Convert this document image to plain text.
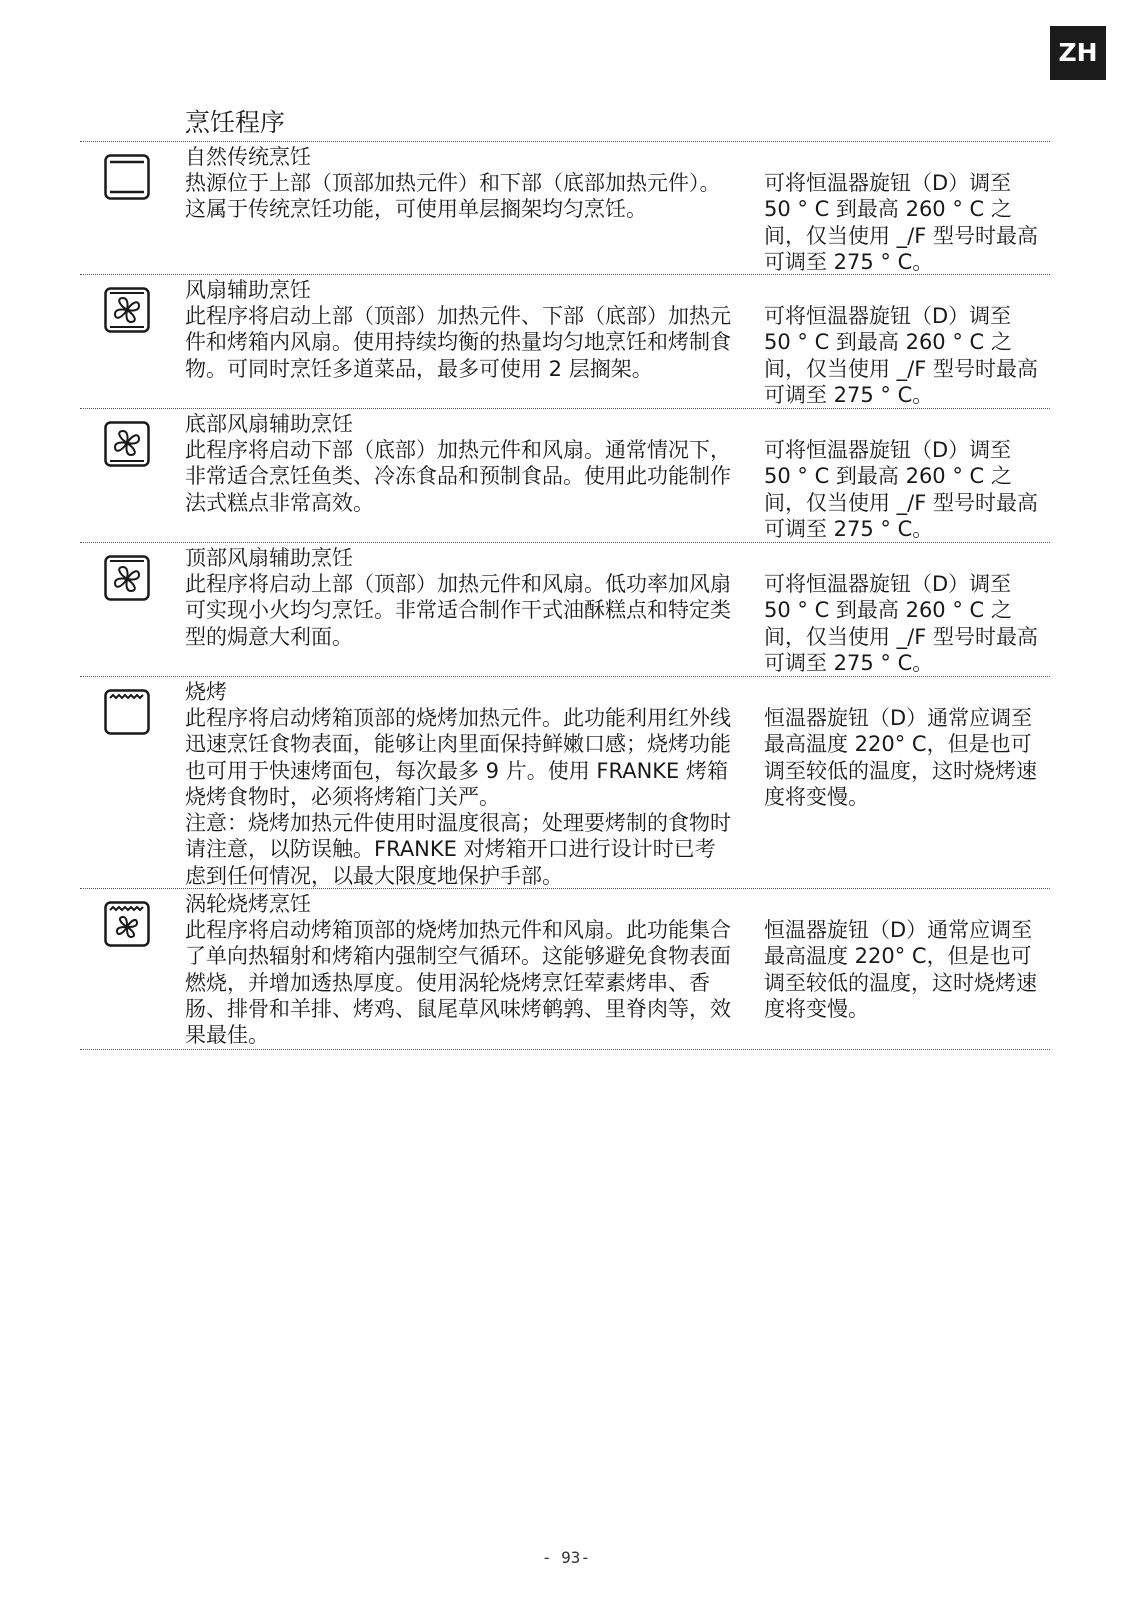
ZH
烹饪程序
自然传统烹饪

热源位于上部（顶部加热元件）和下部（底部加热元件）。这属于传统烹饪功能，可使用单层搁架均匀烹饪。

可将恒温器旋钮（D）调至 50 ° C 到最高 260 ° C 之间，仅当使用 _/F 型号时最高可调至 275 ° C。
风扇辅助烹饪

此程序将启动上部（顶部）加热元件、下部（底部）加热元件和烤箱内风扇。使用持续均衡的热量均匀地烹饪和烤制食物。可同时烹饪多道菜品，最多可使用 2 层搁架。

可将恒温器旋钮（D）调至 50 ° C 到最高 260 ° C 之间，仅当使用 _/F 型号时最高可调至 275 ° C。
底部风扇辅助烹饪

此程序将启动下部（底部）加热元件和风扇。通常情况下，非常适合烹饪鱼类、冷冻食品和预制食品。使用此功能制作法式糕点非常高效。

可将恒温器旋钮（D）调至 50 ° C 到最高 260 ° C 之间，仅当使用 _/F 型号时最高可调至 275 ° C。
顶部风扇辅助烹饪

此程序将启动上部（顶部）加热元件和风扇。低功率加风扇可实现小火均匀烹饪。非常适合制作干式油酥糕点和特定类型的焗意大利面。

可将恒温器旋钮（D）调至 50 ° C 到最高 260 ° C 之间，仅当使用 _/F 型号时最高可调至 275 ° C。
烧烤

此程序将启动烤箱顶部的烧烤加热元件。此功能利用红外线迅速烹饪食物表面，能够让肉里面保持鲜嫩口感；烧烤功能也可用于快速烤面包，每次最多 9 片。使用 FRANKE 烤箱烧烤食物时，必须将烤箱门关严。

注意：烧烤加热元件使用时温度很高；处理要烤制的食物时请注意，以防误触。FRANKE 对烤箱开口进行设计时已考虑到任何情况，以最大限度地保护手部。

恒温器旋钮（D）通常应调至最高温度 220° C，但是也可调至较低的温度，这时烧烤速度将变慢。
涡轮烧烤烹饪

此程序将启动烤箱顶部的烧烤加热元件和风扇。此功能集合了单向热辐射和烤箱内强制空气循环。这能够避免食物表面燃烧，并增加透热厚度。使用涡轮烧烤烹饪荤素烤串、香肠、排骨和羊排、烤鸡、鼠尾草风味烤鹌鹑、里脊肉等，效果最佳。

恒温器旋钮（D）通常应调至最高温度 220° C，但是也可调至较低的温度，这时烧烤速度将变慢。
- 93-
